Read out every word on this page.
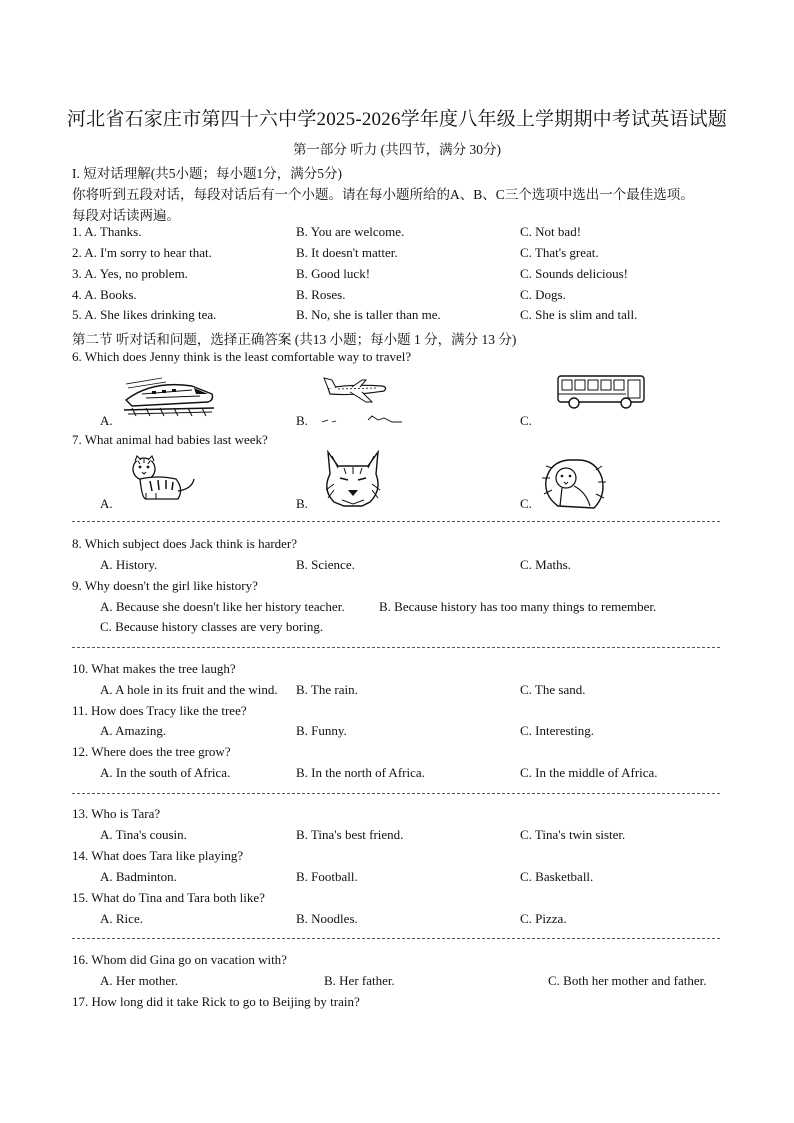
河北省石家庄市第四十六中学2025-2026学年度八年级上学期期中考试英语试题
第一部分 听力 (共四节，满分 30分)
I. 短对话理解(共5小题；每小题1分，满分5分)
你将听到五段对话，每段对话后有一个小题。请在每小题所给的A、B、C三个选项中选出一个最佳选项。
每段对话读两遍。
1. A. Thanks.	B. You are welcome.	C. Not bad!
2. A. I'm sorry to hear that.	B. It doesn't matter.	C. That's great.
3. A. Yes, no problem.	B. Good luck!	C. Sounds delicious!
4. A. Books.	B. Roses.	C. Dogs.
5. A. She likes drinking tea.	B. No, she is taller than me.	C. She is slim and tall.
第二节 听对话和问题，选择正确答案 (共13 小题；每小题 1 分，满分 13 分)
6. Which does Jenny think is the least comfortable way to travel?
A.	B.	C.
7. What animal had babies last week?
A.	B.	C.
8. Which subject does Jack think is harder?
A. History.	B. Science.	C. Maths.
9. Why doesn't the girl like history?
A. Because she doesn't like her history teacher.	B. Because history has too many things to remember.
C. Because history classes are very boring.
10. What makes the tree laugh?
A. A hole in its fruit and the wind. B. The rain.	C. The sand.
11. How does Tracy like the tree?
A. Amazing.	B. Funny.	C. Interesting.
12. Where does the tree grow?
A. In the south of Africa.	B. In the north of Africa.	C. In the middle of Africa.
13. Who is Tara?
A. Tina's cousin.	B. Tina's best friend.	C. Tina's twin sister.
14. What does Tara like playing?
A. Badminton.	B. Football.	C. Basketball.
15. What do Tina and Tara both like?
A. Rice.	B. Noodles.	C. Pizza.
16. Whom did Gina go on vacation with?
A. Her mother.	B. Her father.	C. Both her mother and father.
17. How long did it take Rick to go to Beijing by train?
